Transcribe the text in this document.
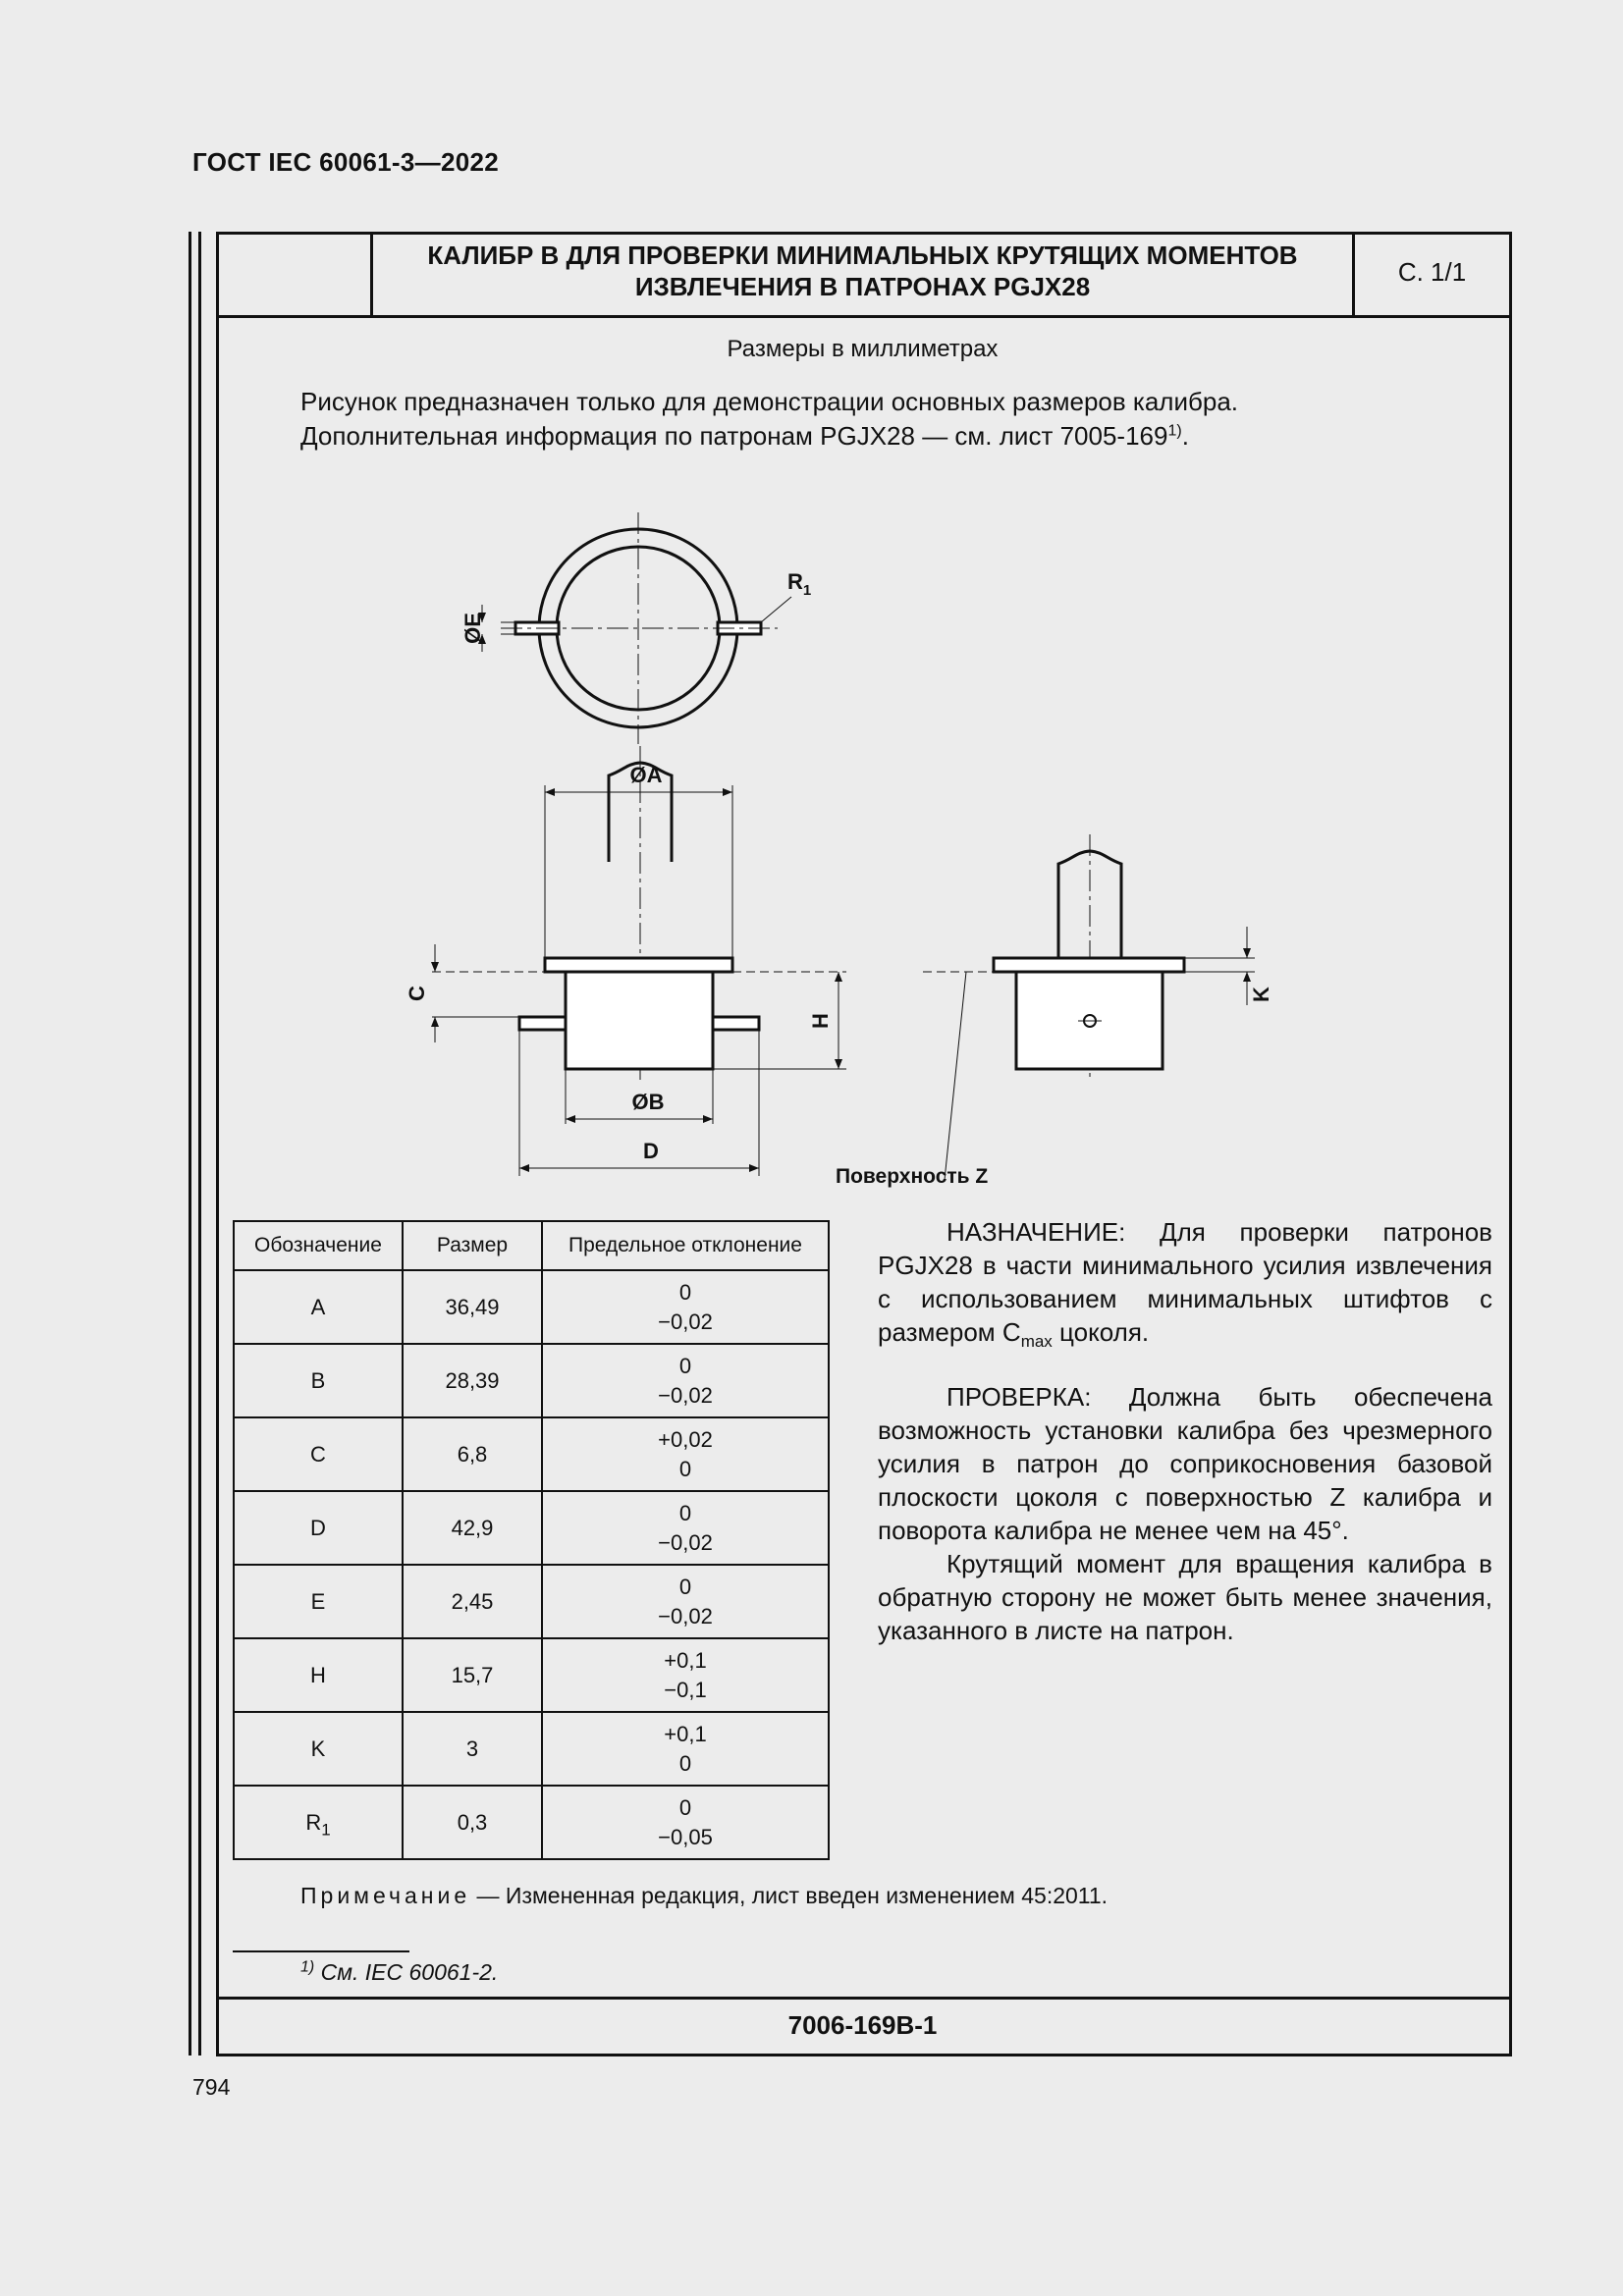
ГОСТ IEC 60061-3—2022
КАЛИБР В ДЛЯ ПРОВЕРКИ МИНИМАЛЬНЫХ КРУТЯЩИХ МОМЕНТОВ
ИЗВЛЕЧЕНИЯ В ПАТРОНАХ PGJX28	С. 1/1
Размеры в миллиметрах
Рисунок предназначен только для демонстрации основных размеров калибра.
Дополнительная информация по патронам PGJX28 — см. лист 7005-169$^{1)}$.
ØE
$R_1$
ØA
C
H
ØB
D
K
Поверхность Z
Обозначение	Размер	Предельное отклонение
A	36,49	0
−0,02

B	28,39	0
−0,02

C	6,8	+0,02
0

D	42,9	0
−0,02

E	2,45	0
−0,02

H	15,7	+0,1
−0,1

K	3	+0,1
0

$R_1$	0,3	0
−0,05

НАЗНАЧЕНИЕ: Для проверки патронов PGJX28 в части минимального усилия извлечения с использованием минимальных штифтов с размером $C_{max}$ цоколя.

ПРОВЕРКА: Должна быть обеспечена возможность установки калибра без чрезмерного усилия в патрон до соприкосновения базовой плоскости цоколя с поверхностью Z калибра и поворота калибра не менее чем на 45°.

Крутящий момент для вращения калибра в обратную сторону не может быть менее значения, указанного в листе на патрон.

Примечание — Измененная редакция, лист введен изменением 45:2011.
$^{1)}$ См. IEC 60061-2.
7006-169B-1
794
